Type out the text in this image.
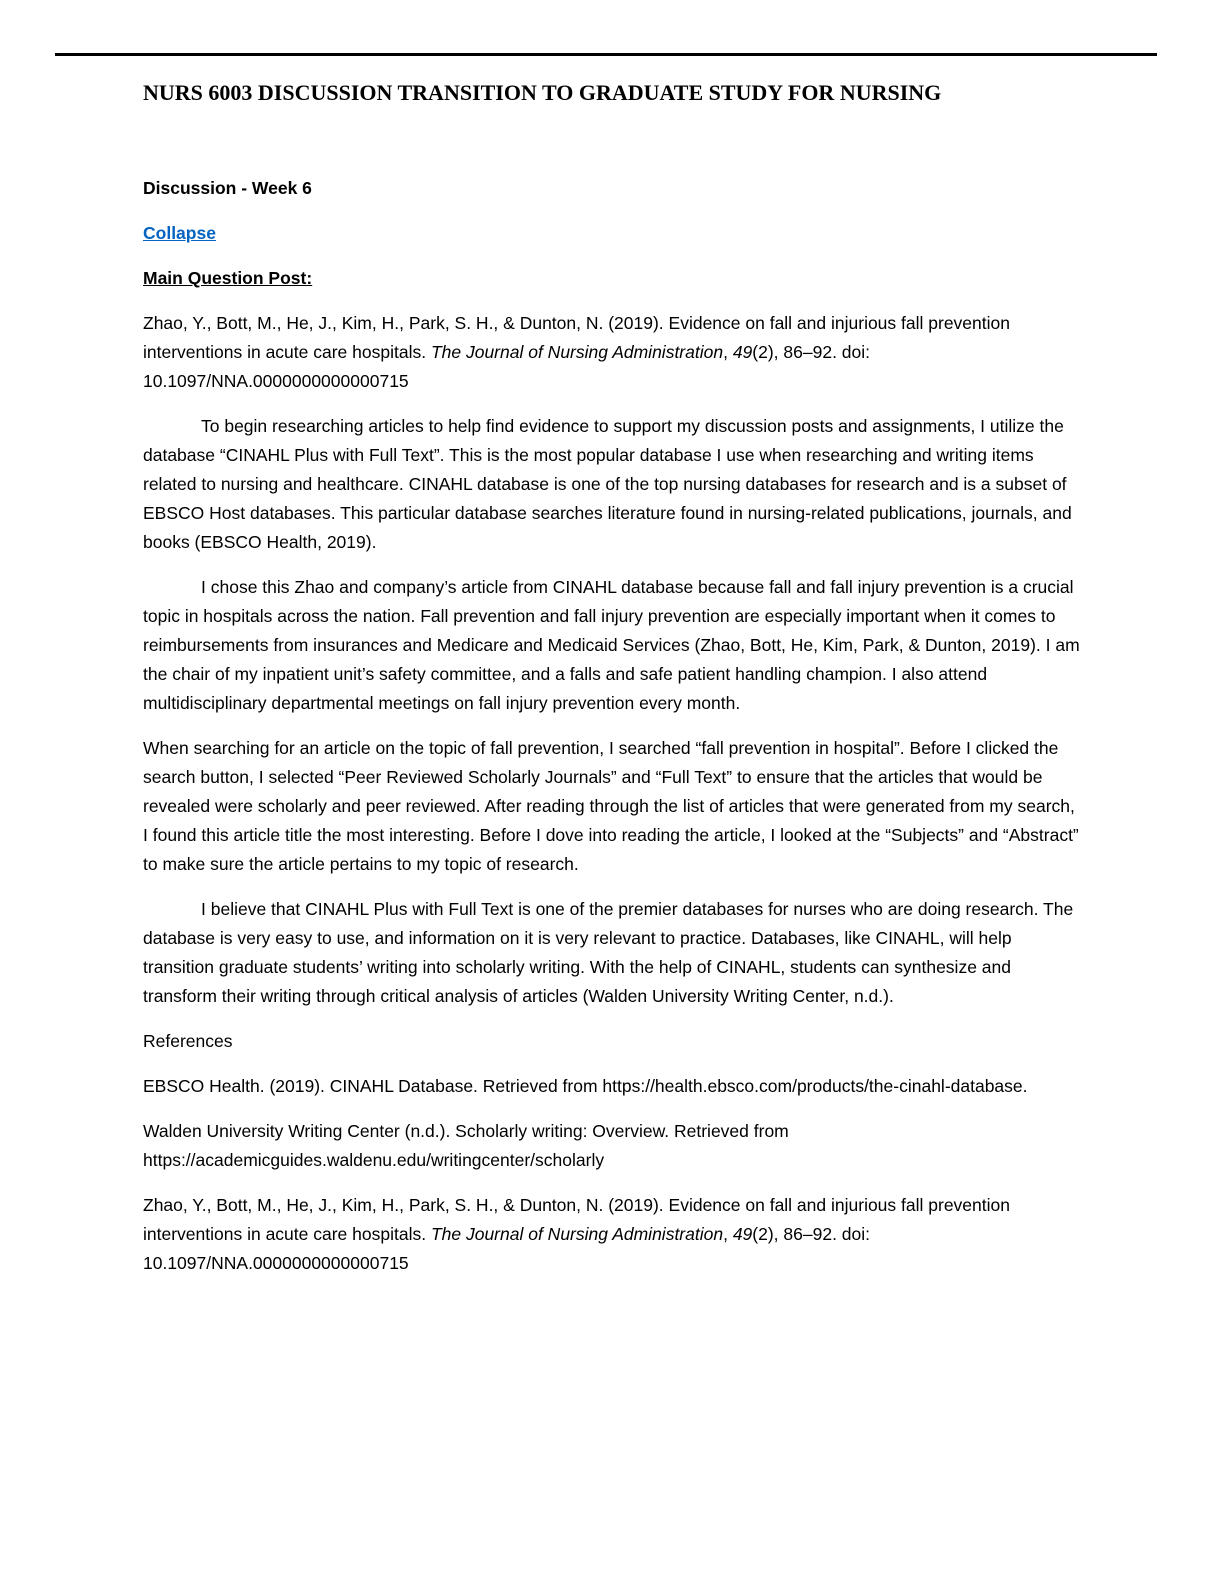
NURS 6003 DISCUSSION TRANSITION TO GRADUATE STUDY FOR NURSING

Discussion - Week 6

Collapse

Main Question Post:

Zhao, Y., Bott, M., He, J., Kim, H., Park, S. H., & Dunton, N. (2019). Evidence on fall and injurious fall prevention interventions in acute care hospitals. The Journal of Nursing Administration, 49(2), 86–92. doi: 10.1097/NNA.0000000000000715

To begin researching articles to help find evidence to support my discussion posts and assignments, I utilize the database “CINAHL Plus with Full Text”. This is the most popular database I use when researching and writing items related to nursing and healthcare. CINAHL database is one of the top nursing databases for research and is a subset of EBSCO Host databases. This particular database searches literature found in nursing-related publications, journals, and books (EBSCO Health, 2019).

I chose this Zhao and company’s article from CINAHL database because fall and fall injury prevention is a crucial topic in hospitals across the nation. Fall prevention and fall injury prevention are especially important when it comes to reimbursements from insurances and Medicare and Medicaid Services (Zhao, Bott, He, Kim, Park, & Dunton, 2019). I am the chair of my inpatient unit’s safety committee, and a falls and safe patient handling champion. I also attend multidisciplinary departmental meetings on fall injury prevention every month.

When searching for an article on the topic of fall prevention, I searched “fall prevention in hospital”. Before I clicked the search button, I selected “Peer Reviewed Scholarly Journals” and “Full Text” to ensure that the articles that would be revealed were scholarly and peer reviewed. After reading through the list of articles that were generated from my search, I found this article title the most interesting. Before I dove into reading the article, I looked at the “Subjects” and “Abstract” to make sure the article pertains to my topic of research.

I believe that CINAHL Plus with Full Text is one of the premier databases for nurses who are doing research. The database is very easy to use, and information on it is very relevant to practice. Databases, like CINAHL, will help transition graduate students’ writing into scholarly writing. With the help of CINAHL, students can synthesize and transform their writing through critical analysis of articles (Walden University Writing Center, n.d.).

References

EBSCO Health. (2019). CINAHL Database. Retrieved from https://health.ebsco.com/products/the-cinahl-database.

Walden University Writing Center (n.d.). Scholarly writing: Overview. Retrieved from https://academicguides.waldenu.edu/writingcenter/scholarly

Zhao, Y., Bott, M., He, J., Kim, H., Park, S. H., & Dunton, N. (2019). Evidence on fall and injurious fall prevention interventions in acute care hospitals. The Journal of Nursing Administration, 49(2), 86–92. doi: 10.1097/NNA.0000000000000715
